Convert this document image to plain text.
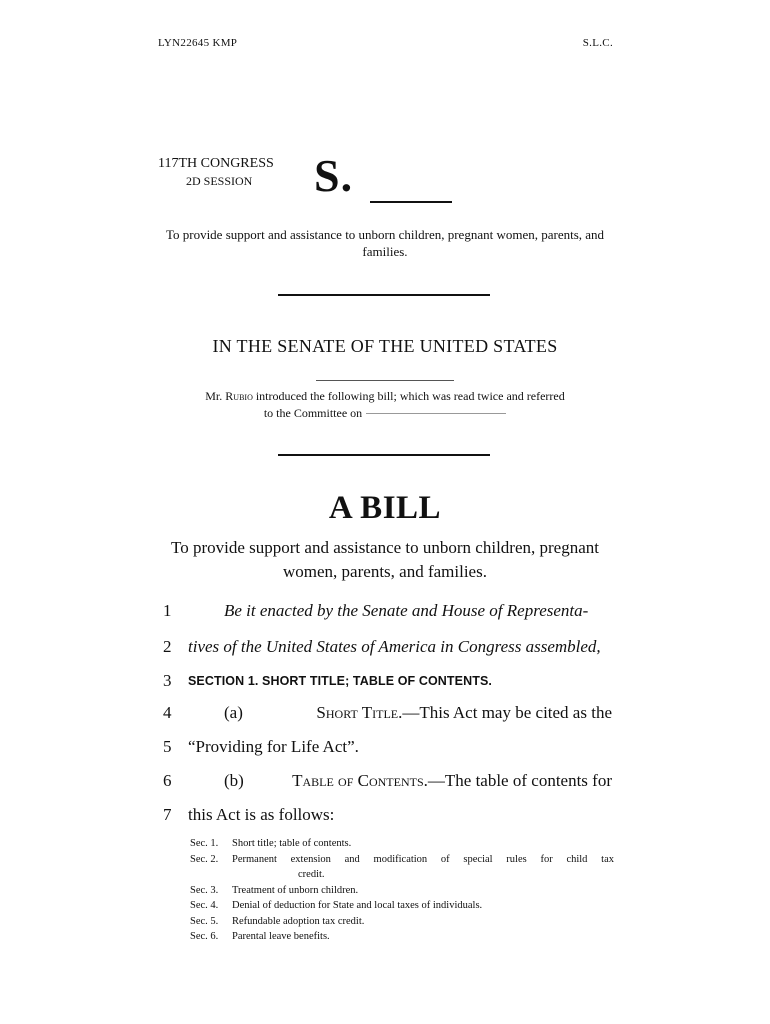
LYN22645 KMP	S.L.C.
117TH CONGRESS
2D SESSION S.
To provide support and assistance to unborn children, pregnant women, parents, and families.
IN THE SENATE OF THE UNITED STATES
Mr. Rubio introduced the following bill; which was read twice and referred
to the Committee on
A BILL
To provide support and assistance to unborn children, pregnant women, parents, and families.
1	Be it enacted by the Senate and House of Representa-
2 tives of the United States of America in Congress assembled,
3	SECTION 1. SHORT TITLE; TABLE OF CONTENTS.
4	(a)	Short Title.—This Act may be cited as the
5 “Providing for Life Act”.
6	(b)	Table of Contents.—The table of contents for
7 this Act is as follows:
Sec. 1.	Short title; table of contents.
Sec. 2.	Permanent extension and modification of special rules for child tax
credit.
Sec. 3.	Treatment of unborn children.
Sec. 4.	Denial of deduction for State and local taxes of individuals.
Sec. 5.	Refundable adoption tax credit.
Sec. 6.	Parental leave benefits.
